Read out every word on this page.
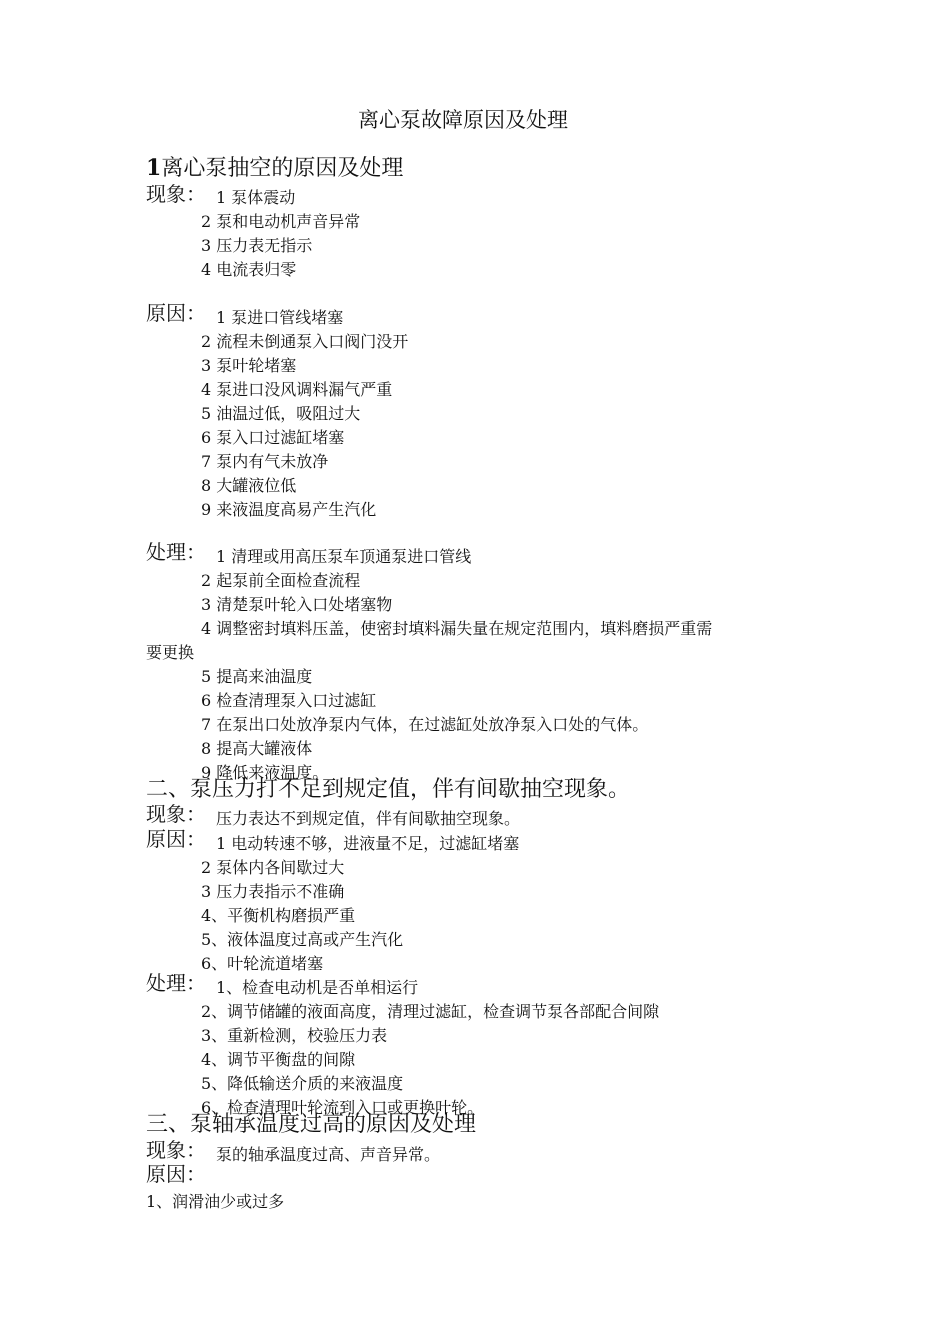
离心泵故障原因及处理
1离心泵抽空的原因及处理
现象： 1 泵体震动
2 泵和电动机声音异常
3 压力表无指示
4 电流表归零
原因： 1 泵进口管线堵塞
2 流程未倒通泵入口阀门没开
3 泵叶轮堵塞
4 泵进口没风调料漏气严重
5 油温过低，吸阻过大
6 泵入口过滤缸堵塞
7 泵内有气未放净
8 大罐液位低
9 来液温度高易产生汽化
处理： 1 清理或用高压泵车顶通泵进口管线
2 起泵前全面检查流程
3 清楚泵叶轮入口处堵塞物
4 调整密封填料压盖，使密封填料漏失量在规定范围内，填料磨损严重需
要更换
5 提高来油温度
6 检查清理泵入口过滤缸
7 在泵出口处放净泵内气体，在过滤缸处放净泵入口处的气体。
8 提高大罐液体
9 降低来液温度。
二、泵压力打不足到规定值，伴有间歇抽空现象。
现象： 压力表达不到规定值，伴有间歇抽空现象。
原因： 1 电动转速不够，进液量不足，过滤缸堵塞
2 泵体内各间歇过大
3 压力表指示不准确
4、平衡机构磨损严重
5、液体温度过高或产生汽化
6、叶轮流道堵塞
处理： 1、检查电动机是否单相运行
2、调节储罐的液面高度，清理过滤缸，检查调节泵各部配合间隙
3、重新检测，校验压力表
4、调节平衡盘的间隙
5、降低输送介质的来液温度
6、检查清理叶轮流到入口或更换叶轮。
三、泵轴承温度过高的原因及处理
现象： 泵的轴承温度过高、声音异常。
原因：
1、润滑油少或过多
